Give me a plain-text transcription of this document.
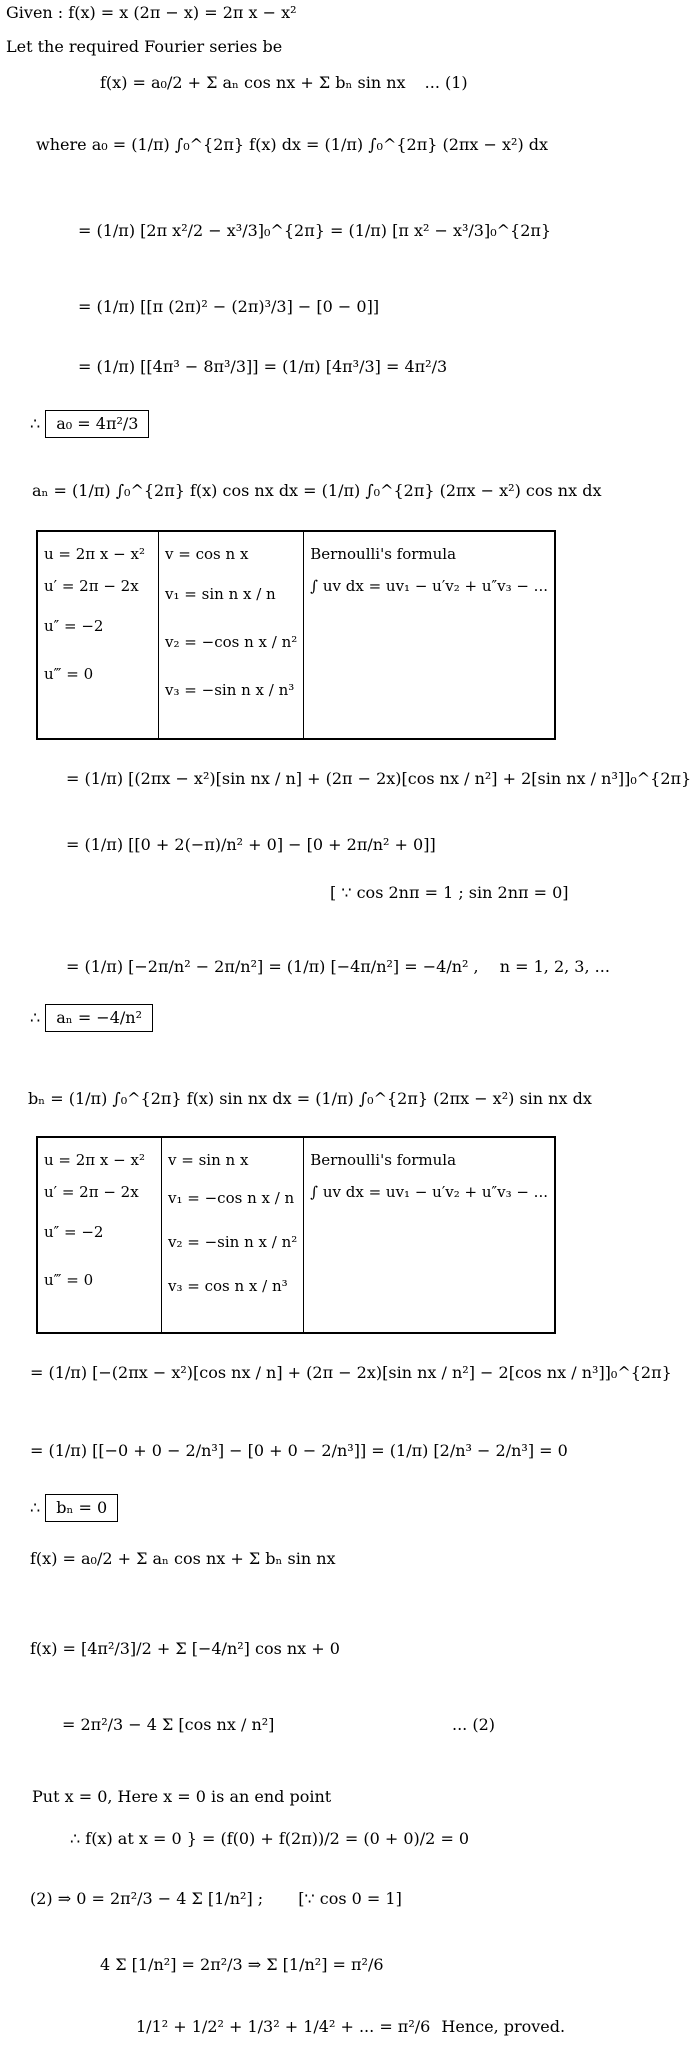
Given : f(x) = x (2π − x) = 2π x − x²
Let the required Fourier series be
f(x) = a₀/2 + Σ aₙ cos nx + Σ bₙ sin nx ... (1)
where a₀ = (1/π) ∫₀^{2π} f(x) dx = (1/π) ∫₀^{2π} (2πx − x²) dx
= (1/π) [2π x²/2 − x³/3]₀^{2π} = (1/π) [π x² − x³/3]₀^{2π}
= (1/π) [[π (2π)² − (2π)³/3] − [0 − 0]]
= (1/π) [[4π³ − 8π³/3]] = (1/π) [4π³/3] = 4π²/3
∴ a₀ = 4π²/3
aₙ = (1/π) ∫₀^{2π} f(x) cos nx dx = (1/π) ∫₀^{2π} (2πx − x²) cos nx dx
u = 2π x − x²
u′ = 2π − 2x
u″ = −2
u‴ = 0

v = cos n x
v₁ = sin n x / n
v₂ = −cos n x / n²
v₃ = −sin n x / n³

Bernoulli's formula
∫ uv dx = uv₁ − u′v₂ + u″v₃ − ...
= (1/π) [(2πx − x²)[sin nx / n] + (2π − 2x)[cos nx / n²] + 2[sin nx / n³]]₀^{2π}
= (1/π) [[0 + 2(−π)/n² + 0] − [0 + 2π/n² + 0]]
[ ∵ cos 2nπ = 1 ; sin 2nπ = 0]
= (1/π) [−2π/n² − 2π/n²] = (1/π) [−4π/n²] = −4/n² , n = 1, 2, 3, ...
∴ aₙ = −4/n²
bₙ = (1/π) ∫₀^{2π} f(x) sin nx dx = (1/π) ∫₀^{2π} (2πx − x²) sin nx dx
u = 2π x − x²
u′ = 2π − 2x
u″ = −2
u‴ = 0

v = sin n x
v₁ = −cos n x / n
v₂ = −sin n x / n²
v₃ = cos n x / n³

Bernoulli's formula
∫ uv dx = uv₁ − u′v₂ + u″v₃ − ...
= (1/π) [−(2πx − x²)[cos nx / n] + (2π − 2x)[sin nx / n²] − 2[cos nx / n³]]₀^{2π}
= (1/π) [[−0 + 0 − 2/n³] − [0 + 0 − 2/n³]] = (1/π) [2/n³ − 2/n³] = 0
∴ bₙ = 0
f(x) = a₀/2 + Σ aₙ cos nx + Σ bₙ sin nx
f(x) = [4π²/3]/2 + Σ [−4/n²] cos nx + 0
= 2π²/3 − 4 Σ [cos nx / n²]	... (2)
Put x = 0, Here x = 0 is an end point
∴ f(x) at x = 0 } = (f(0) + f(2π))/2 = (0 + 0)/2 = 0
(2) ⇒ 0 = 2π²/3 − 4 Σ [1/n²] ; [∵ cos 0 = 1]
4 Σ [1/n²] = 2π²/3 ⇒ Σ [1/n²] = π²/6
1/1² + 1/2² + 1/3² + 1/4² + ... = π²/6 Hence, proved.
